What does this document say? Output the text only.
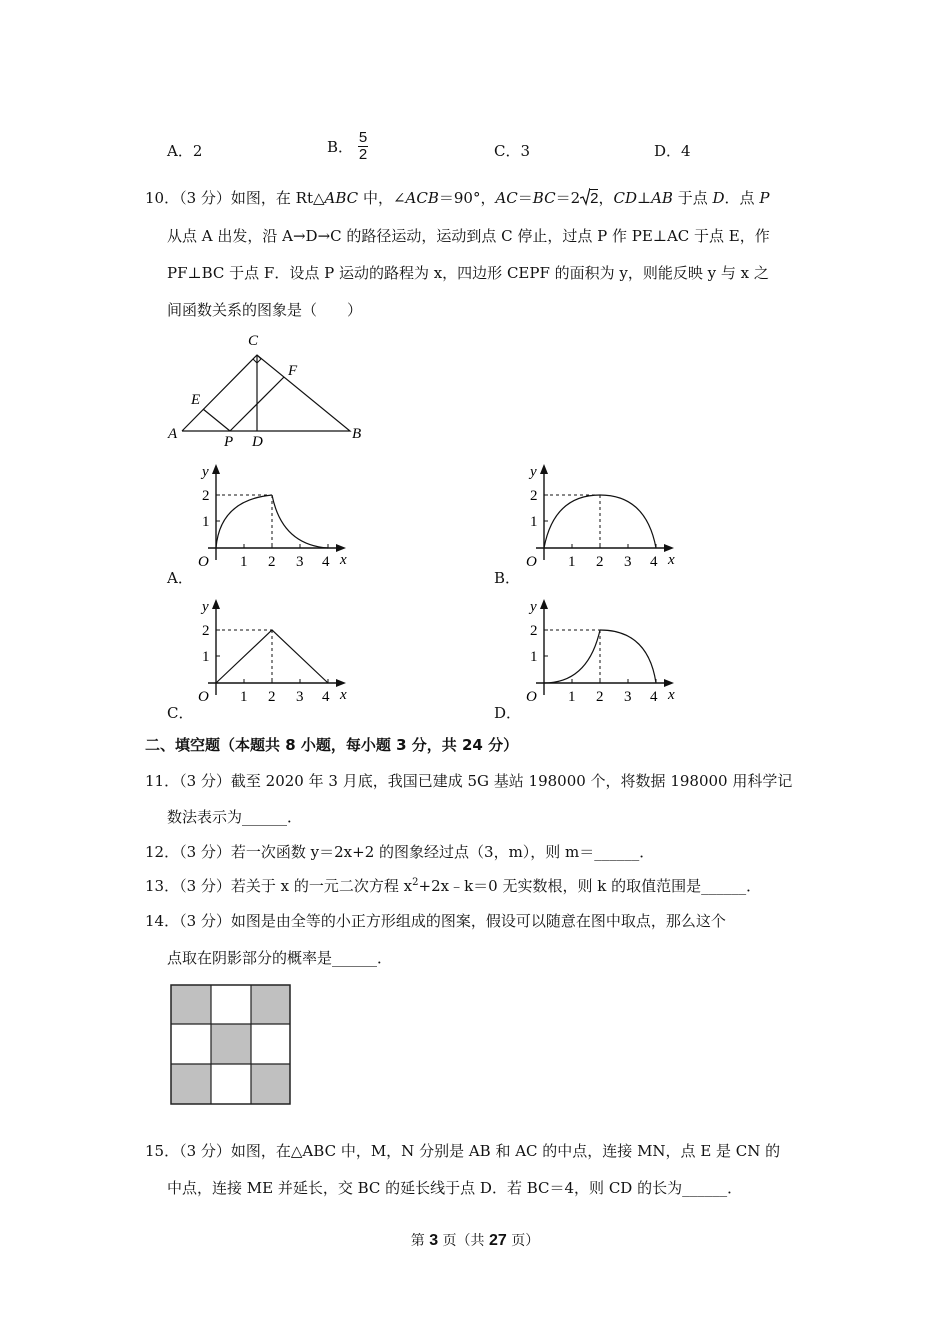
A．2	B． $\frac{5}{2}$	C．3	D．4
10．（3 分）如图，在 Rt△ABC 中，∠ACB＝90°，AC＝BC＝2 2，CD⊥AB 于点 D．点 P
从点 A 出发，沿 A→D→C 的路径运动，运动到点 C 停止，过点 P 作 PE⊥AC 于点 E，作
PF⊥BC 于点 F．设点 P 运动的路程为 x，四边形 CEPF 的面积为 y，则能反映 y 与 x 之
间函数关系的图象是（　　）
C
E
F
A	P D	B
A．
y
x
O 1 2 3 4
1
2
B．
y
x
O 1 2 3 4
1
2
C．
y
x
O 1 2 3 4
1
2
D．
y
x
O 1 2 3 4
1
2
二、填空题（本题共 8 小题，每小题 3 分，共 24 分）
11．（3 分）截至 2020 年 3 月底，我国已建成 5G 基站 198000 个，将数据 198000 用科学记
数法表示为______．
12．（3 分）若一次函数 y＝2x+2 的图象经过点（3，m），则 m＝______．
13．（3 分）若关于 x 的一元二次方程 $x^2+2x﹣k=0$ 无实数根，则 k 的取值范围是______．
14．（3 分）如图是由全等的小正方形组成的图案，假设可以随意在图中取点，那么这个
点取在阴影部分的概率是______．
15．（3 分）如图，在△ABC 中，M，N 分别是 AB 和 AC 的中点，连接 MN，点 E 是 CN 的
中点，连接 ME 并延长，交 BC 的延长线于点 D．若 BC＝4，则 CD 的长为______．
第 3 页（共 27 页）
